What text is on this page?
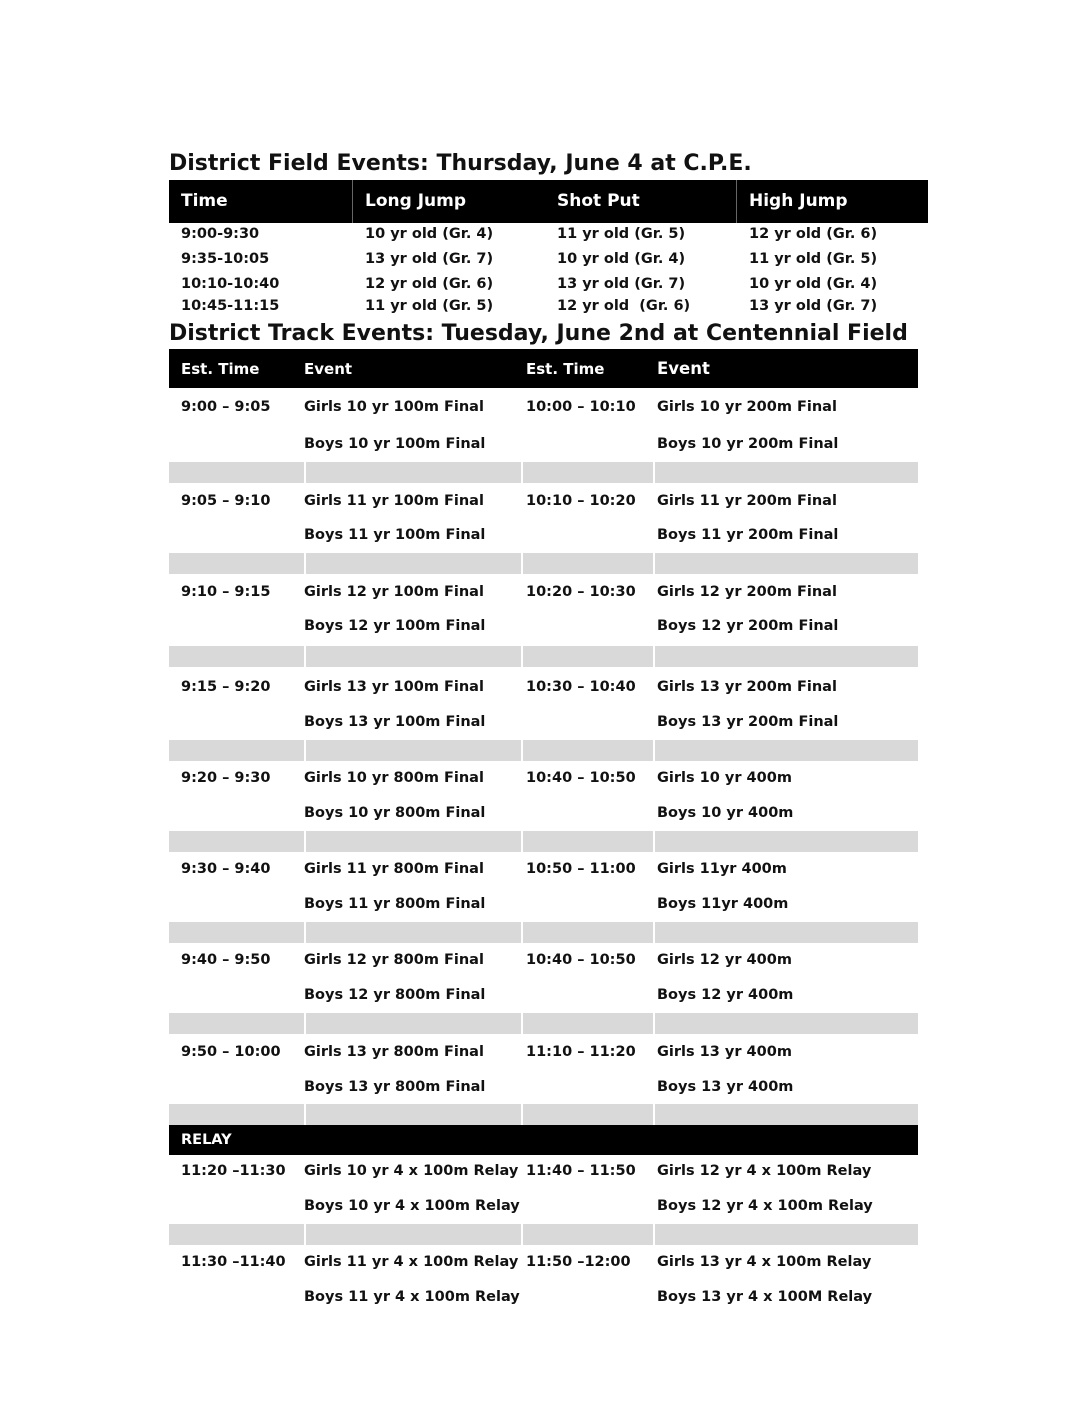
District Field Events: Thursday, June 4 at C.P.E.
Time	Long Jump	Shot Put	High Jump
9:00-9:30	10 yr old (Gr. 4)	11 yr old (Gr. 5)	12 yr old (Gr. 6)
9:35-10:05	13 yr old (Gr. 7)	10 yr old (Gr. 4)	11 yr old (Gr. 5)
10:10-10:40	12 yr old (Gr. 6)	13 yr old (Gr. 7)	10 yr old (Gr. 4)
10:45-11:15	11 yr old (Gr. 5)	12 yr old  (Gr. 6)	13 yr old (Gr. 7)
District Track Events: Tuesday, June 2nd at Centennial Field
Est. Time	Event	Est. Time	Event
9:00 – 9:05 Girls 10 yr 100m Final	10:00 – 10:10 Girls 10 yr 200m Final
Boys 10 yr 100m Final	Boys 10 yr 200m Final
9:05 – 9:10 Girls 11 yr 100m Final	10:10 – 10:20 Girls 11 yr 200m Final
Boys 11 yr 100m Final	Boys 11 yr 200m Final
9:10 – 9:15 Girls 12 yr 100m Final	10:20 – 10:30 Girls 12 yr 200m Final
Boys 12 yr 100m Final	Boys 12 yr 200m Final
9:15 – 9:20 Girls 13 yr 100m Final	10:30 – 10:40 Girls 13 yr 200m Final
Boys 13 yr 100m Final	Boys 13 yr 200m Final
9:20 – 9:30 Girls 10 yr 800m Final	10:40 – 10:50 Girls 10 yr 400m
Boys 10 yr 800m Final	Boys 10 yr 400m
9:30 – 9:40 Girls 11 yr 800m Final	10:50 – 11:00 Girls 11yr 400m
Boys 11 yr 800m Final	Boys 11yr 400m
9:40 – 9:50 Girls 12 yr 800m Final	10:40 – 10:50 Girls 12 yr 400m
Boys 12 yr 800m Final	Boys 12 yr 400m
9:50 – 10:00 Girls 13 yr 800m Final	11:10 – 11:20 Girls 13 yr 400m
Boys 13 yr 800m Final	Boys 13 yr 400m
RELAY
11:20 –11:30 Girls 10 yr 4 x 100m Relay 11:40 – 11:50 Girls 12 yr 4 x 100m Relay
Boys 10 yr 4 x 100m Relay	Boys 12 yr 4 x 100m Relay
11:30 –11:40 Girls 11 yr 4 x 100m Relay 11:50 –12:00 Girls 13 yr 4 x 100m Relay
Boys 11 yr 4 x 100m Relay	Boys 13 yr 4 x 100M Relay
